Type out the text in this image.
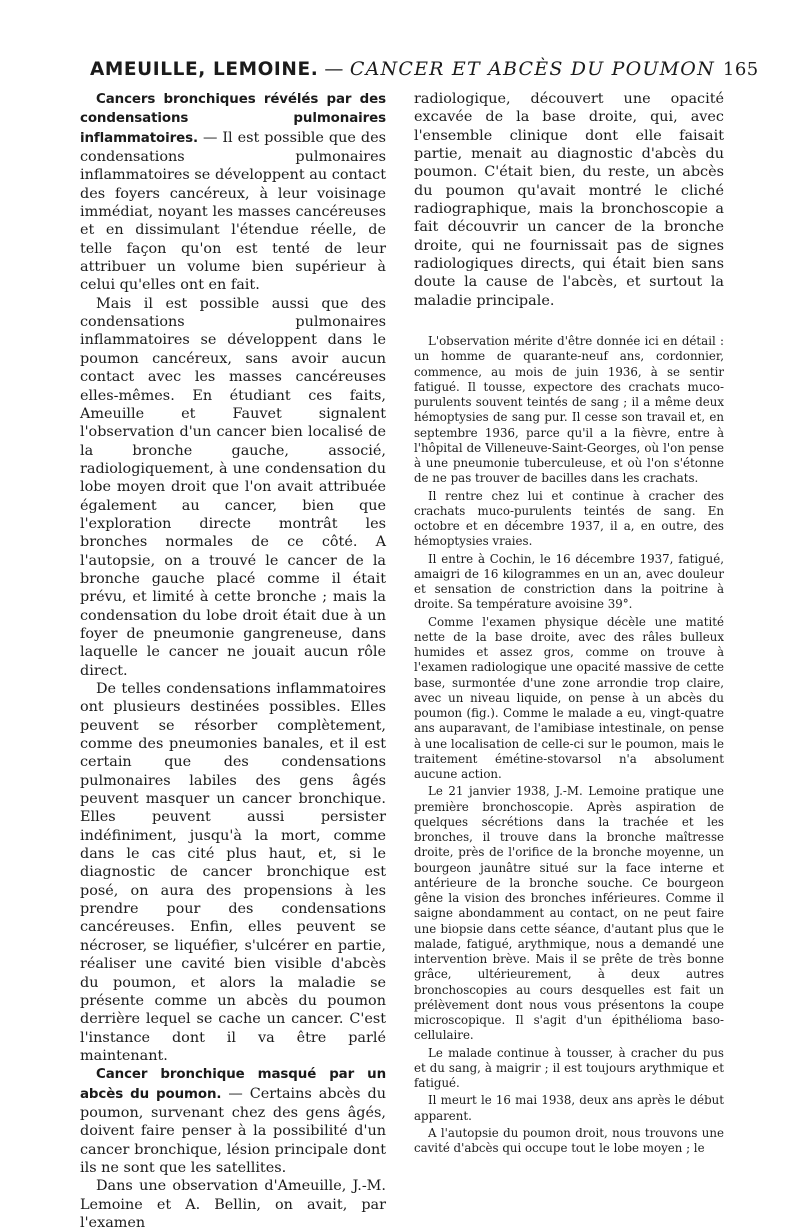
AMEUILLE, LEMOINE. — CANCER ET ABCÈS DU POUMON 165

Cancers bronchiques révélés par des condensations pulmonaires inflammatoires. — Il est possible que des condensations pulmonaires inflammatoires se développent au contact des foyers cancéreux, à leur voisinage immédiat, noyant les masses cancéreuses et en dissimulant l'étendue réelle, de telle façon qu'on est tenté de leur attribuer un volume bien supérieur à celui qu'elles ont en fait.

Mais il est possible aussi que des condensations pulmonaires inflammatoires se développent dans le poumon cancéreux, sans avoir aucun contact avec les masses cancéreuses elles-mêmes. En étudiant ces faits, Ameuille et Fauvet signalent l'observation d'un cancer bien localisé de la bronche gauche, associé, radiologiquement, à une condensation du lobe moyen droit que l'on avait attribuée également au cancer, bien que l'exploration directe montrât les bronches normales de ce côté. A l'autopsie, on a trouvé le cancer de la bronche gauche placé comme il était prévu, et limité à cette bronche ; mais la condensation du lobe droit était due à un foyer de pneumonie gangreneuse, dans laquelle le cancer ne jouait aucun rôle direct.

De telles condensations inflammatoires ont plusieurs destinées possibles. Elles peuvent se résorber complètement, comme des pneumonies banales, et il est certain que des condensations pulmonaires labiles des gens âgés peuvent masquer un cancer bronchique. Elles peuvent aussi persister indéfiniment, jusqu'à la mort, comme dans le cas cité plus haut, et, si le diagnostic de cancer bronchique est posé, on aura des propensions à les prendre pour des condensations cancéreuses. Enfin, elles peuvent se nécroser, se liquéfier, s'ulcérer en partie, réaliser une cavité bien visible d'abcès du poumon, et alors la maladie se présente comme un abcès du poumon derrière lequel se cache un cancer. C'est l'instance dont il va être parlé maintenant.

Cancer bronchique masqué par un abcès du poumon. — Certains abcès du poumon, survenant chez des gens âgés, doivent faire penser à la possibilité d'un cancer bronchique, lésion principale dont ils ne sont que les satellites.

Dans une observation d'Ameuille, J.-M. Lemoine et A. Bellin, on avait, par l'examen

radiologique, découvert une opacité excavée de la base droite, qui, avec l'ensemble clinique dont elle faisait partie, menait au diagnostic d'abcès du poumon. C'était bien, du reste, un abcès du poumon qu'avait montré le cliché radiographique, mais la bronchoscopie a fait découvrir un cancer de la bronche droite, qui ne fournissait pas de signes radiologiques directs, qui était bien sans doute la cause de l'abcès, et surtout la maladie principale.

L'observation mérite d'être donnée ici en détail : un homme de quarante-neuf ans, cordonnier, commence, au mois de juin 1936, à se sentir fatigué. Il tousse, expectore des crachats muco-purulents souvent teintés de sang ; il a même deux hémoptysies de sang pur. Il cesse son travail et, en septembre 1936, parce qu'il a la fièvre, entre à l'hôpital de Villeneuve-Saint-Georges, où l'on pense à une pneumonie tuberculeuse, et où l'on s'étonne de ne pas trouver de bacilles dans les crachats.

Il rentre chez lui et continue à cracher des crachats muco-purulents teintés de sang. En octobre et en décembre 1937, il a, en outre, des hémoptysies vraies.

Il entre à Cochin, le 16 décembre 1937, fatigué, amaigri de 16 kilogrammes en un an, avec douleur et sensation de constriction dans la poitrine à droite. Sa température avoisine 39°.

Comme l'examen physique décèle une matité nette de la base droite, avec des râles bulleux humides et assez gros, comme on trouve à l'examen radiologique une opacité massive de cette base, surmontée d'une zone arrondie trop claire, avec un niveau liquide, on pense à un abcès du poumon (fig.). Comme le malade a eu, vingt-quatre ans auparavant, de l'amibiase intestinale, on pense à une localisation de celle-ci sur le poumon, mais le traitement émétine-stovarsol n'a absolument aucune action.

Le 21 janvier 1938, J.-M. Lemoine pratique une première bronchoscopie. Après aspiration de quelques sécrétions dans la trachée et les bronches, il trouve dans la bronche maîtresse droite, près de l'orifice de la bronche moyenne, un bourgeon jaunâtre situé sur la face interne et antérieure de la bronche souche. Ce bourgeon gêne la vision des bronches inférieures. Comme il saigne abondamment au contact, on ne peut faire une biopsie dans cette séance, d'autant plus que le malade, fatigué, arythmique, nous a demandé une intervention brève. Mais il se prête de très bonne grâce, ultérieurement, à deux autres bronchoscopies au cours desquelles est fait un prélèvement dont nous vous présentons la coupe microscopique. Il s'agit d'un épithélioma baso-cellulaire.

Le malade continue à tousser, à cracher du pus et du sang, à maigrir ; il est toujours arythmique et fatigué.

Il meurt le 16 mai 1938, deux ans après le début apparent.

A l'autopsie du poumon droit, nous trouvons une cavité d'abcès qui occupe tout le lobe moyen ; le
